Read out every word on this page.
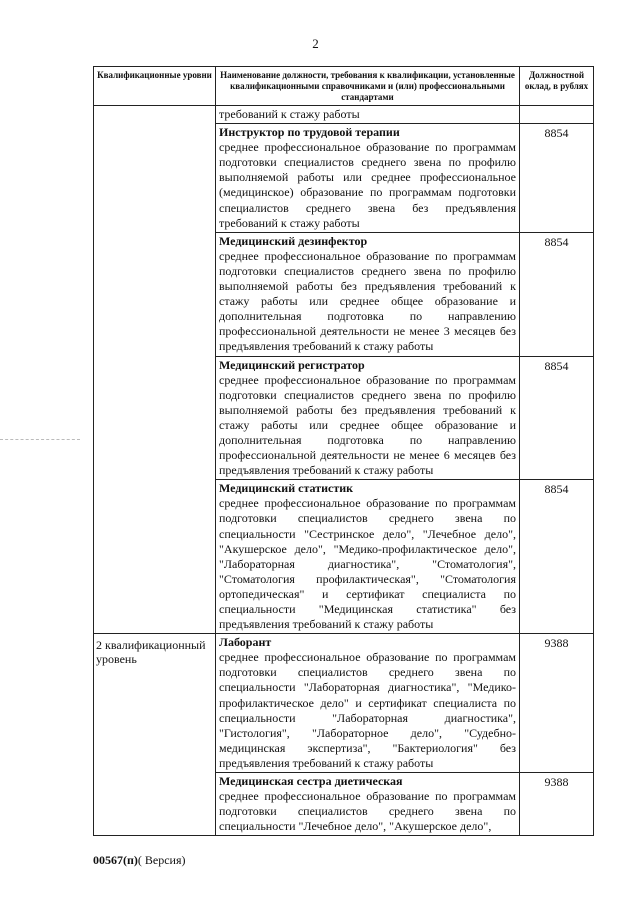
2
Квалификационные уровни	Наименование должности, требования к квалификации, установленные квалификационными справочниками и (или) профессиональными стандартами	Должностной оклад, в рублях

	требований к стажу работы	

	Инструктор по трудовой терапии
среднее профессиональное образование по программам подготовки специалистов среднего звена по профилю выполняемой работы или среднее профессиональное (медицинское) образование по программам подготовки специалистов среднего звена без предъявления требований к стажу работы	8854

	Медицинский дезинфектор
среднее профессиональное образование по программам подготовки специалистов среднего звена по профилю выполняемой работы без предъявления требований к стажу работы или среднее общее образование и дополнительная подготовка по направлению профессиональной деятельности не менее 3 месяцев без предъявления требований к стажу работы	8854

	Медицинский регистратор
среднее профессиональное образование по программам подготовки специалистов среднего звена по профилю выполняемой работы без предъявления требований к стажу работы или среднее общее образование и дополнительная подготовка по направлению профессиональной деятельности не менее 6 месяцев без предъявления требований к стажу работы	8854

	Медицинский статистик
среднее профессиональное образование по программам подготовки специалистов среднего звена по специальности "Сестринское дело", "Лечебное дело", "Акушерское дело", "Медико-профилактическое дело", "Лабораторная диагностика", "Стоматология", "Стоматология профилактическая", "Стоматология ортопедическая" и сертификат специалиста по специальности "Медицинская статистика" без предъявления требований к стажу работы	8854
2 квалификационный уровень	Лаборант
среднее профессиональное образование по программам подготовки специалистов среднего звена по специальности "Лабораторная диагностика", "Медико-профилактическое дело" и сертификат специалиста по специальности "Лабораторная диагностика", "Гистология", "Лабораторное дело", "Судебно-медицинская экспертиза", "Бактериология" без предъявления требований к стажу работы	9388

	Медицинская сестра диетическая
среднее профессиональное образование по программам подготовки специалистов среднего звена по специальности "Лечебное дело", "Акушерское дело",	9388
00567(п)( Версия)
